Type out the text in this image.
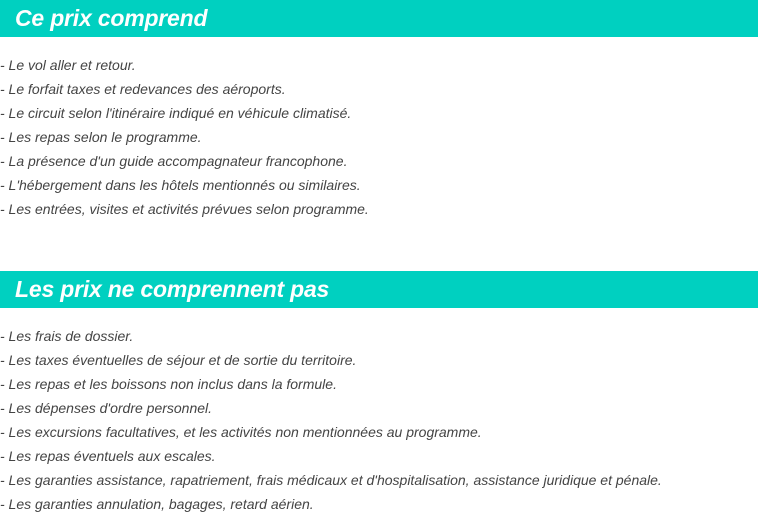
Ce prix comprend
- Le vol aller et retour.
- Le forfait taxes et redevances des aéroports.
- Le circuit selon l'itinéraire indiqué en véhicule climatisé.
- Les repas selon le programme.
- La présence d'un guide accompagnateur francophone.
- L'hébergement dans les hôtels mentionnés ou similaires.
- Les entrées, visites et activités prévues selon programme.
Les prix ne comprennent pas
- Les frais de dossier.
- Les taxes éventuelles de séjour et de sortie du territoire.
- Les repas et les boissons non inclus dans la formule.
- Les dépenses d'ordre personnel.
- Les excursions facultatives, et les activités non mentionnées au programme.
- Les repas éventuels aux escales.
- Les garanties assistance, rapatriement, frais médicaux et d'hospitalisation, assistance juridique et pénale.
- Les garanties annulation, bagages, retard aérien.
